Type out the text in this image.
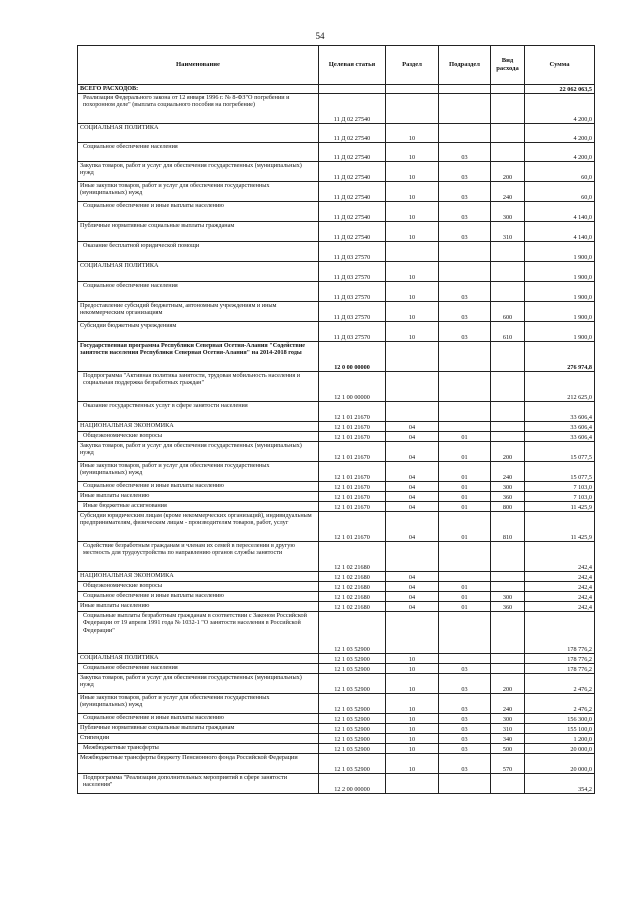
54
Наименование	Целевая статья	Раздел	Подраздел	Вид расхода	Сумма
ВСЕГО РАСХОДОВ:					22 062 063,5
Реализация Федерального закона от 12 января 1996 г. № 8-ФЗ"О погребении и похоронном деле" (выплата социального пособия на погребение)	11 Д 02 27540				4 200,0
СОЦИАЛЬНАЯ ПОЛИТИКА	11 Д 02 27540	10			4 200,0
Социальное обеспечение населения	11 Д 02 27540	10	03		4 200,0
Закупка товаров, работ и услуг для обеспечения государственных (муниципальных) нужд	11 Д 02 27540	10	03	200	60,0
Иные закупки товаров, работ и услуг для обеспечения государственных (муниципальных) нужд	11 Д 02 27540	10	03	240	60,0
Социальное обеспечение и иные выплаты населению	11 Д 02 27540	10	03	300	4 140,0
Публичные нормативные социальные выплаты гражданам	11 Д 02 27540	10	03	310	4 140,0
Оказание бесплатной юридической помощи	11 Д 03 27570				1 900,0
СОЦИАЛЬНАЯ ПОЛИТИКА	11 Д 03 27570	10			1 900,0
Социальное обеспечение населения	11 Д 03 27570	10	03		1 900,0
Предоставление субсидий бюджетным, автономным учреждениям и иным некоммерческим организациям	11 Д 03 27570	10	03	600	1 900,0
Субсидии бюджетным учреждениям	11 Д 03 27570	10	03	610	1 900,0
Государственная программа Республики Северная Осетия-Алания "Содействие занятости населения Республики Северная Осетия-Алания" на 2014-2018 годы	12 0 00 00000				276 974,8
Подпрограмма "Активная политика занятости, трудовая мобильность населения и социальная поддержка безработных граждан"	12 1 00 00000				212 625,0
Оказание государственных услуг в сфере занятости населения	12 1 01 21670				33 606,4
НАЦИОНАЛЬНАЯ ЭКОНОМИКА	12 1 01 21670	04			33 606,4
Общеэкономические вопросы	12 1 01 21670	04	01		33 606,4
Закупка товаров, работ и услуг для обеспечения государственных (муниципальных) нужд	12 1 01 21670	04	01	200	15 077,5
Иные закупки товаров, работ и услуг для обеспечения государственных (муниципальных) нужд	12 1 01 21670	04	01	240	15 077,5
Социальное обеспечение и иные выплаты населению	12 1 01 21670	04	01	300	7 103,0
Иные выплаты населению	12 1 01 21670	04	01	360	7 103,0
Иные бюджетные ассигнования	12 1 01 21670	04	01	800	11 425,9
Субсидии юридическим лицам (кроме некоммерческих организаций), индивидуальным предпринимателям, физическим лицам - производителям товаров, работ, услуг	12 1 01 21670	04	01	810	11 425,9
Содействие безработным гражданам и членам их семей в переселении в другую местность для трудоустройства по направлению органов службы занятости	12 1 02 21680				242,4
НАЦИОНАЛЬНАЯ ЭКОНОМИКА	12 1 02 21680	04			242,4
Общеэкономические вопросы	12 1 02 21680	04	01		242,4
Социальное обеспечение и иные выплаты населению	12 1 02 21680	04	01	300	242,4
Иные выплаты населению	12 1 02 21680	04	01	360	242,4
Социальные выплаты безработным гражданам в соответствии с Законом Российской Федерации от 19 апреля 1991 года № 1032-1 "О занятости населения в Российской Федерации"	12 1 03 52900				178 776,2
СОЦИАЛЬНАЯ ПОЛИТИКА	12 1 03 52900	10			178 776,2
Социальное обеспечение населения	12 1 03 52900	10	03		178 776,2
Закупка товаров, работ и услуг для обеспечения государственных (муниципальных) нужд	12 1 03 52900	10	03	200	2 476,2
Иные закупки товаров, работ и услуг для обеспечения государственных (муниципальных) нужд	12 1 03 52900	10	03	240	2 476,2
Социальное обеспечение и иные выплаты населению	12 1 03 52900	10	03	300	156 300,0
Публичные нормативные социальные выплаты гражданам	12 1 03 52900	10	03	310	155 100,0
Стипендии	12 1 03 52900	10	03	340	1 200,0
Межбюджетные трансферты	12 1 03 52900	10	03	500	20 000,0
Межбюджетные трансферты бюджету Пенсионного фонда Российской Федерации	12 1 03 52900	10	03	570	20 000,0
Подпрограмма "Реализация дополнительных мероприятий в сфере занятости населения"	12 2 00 00000				354,2
